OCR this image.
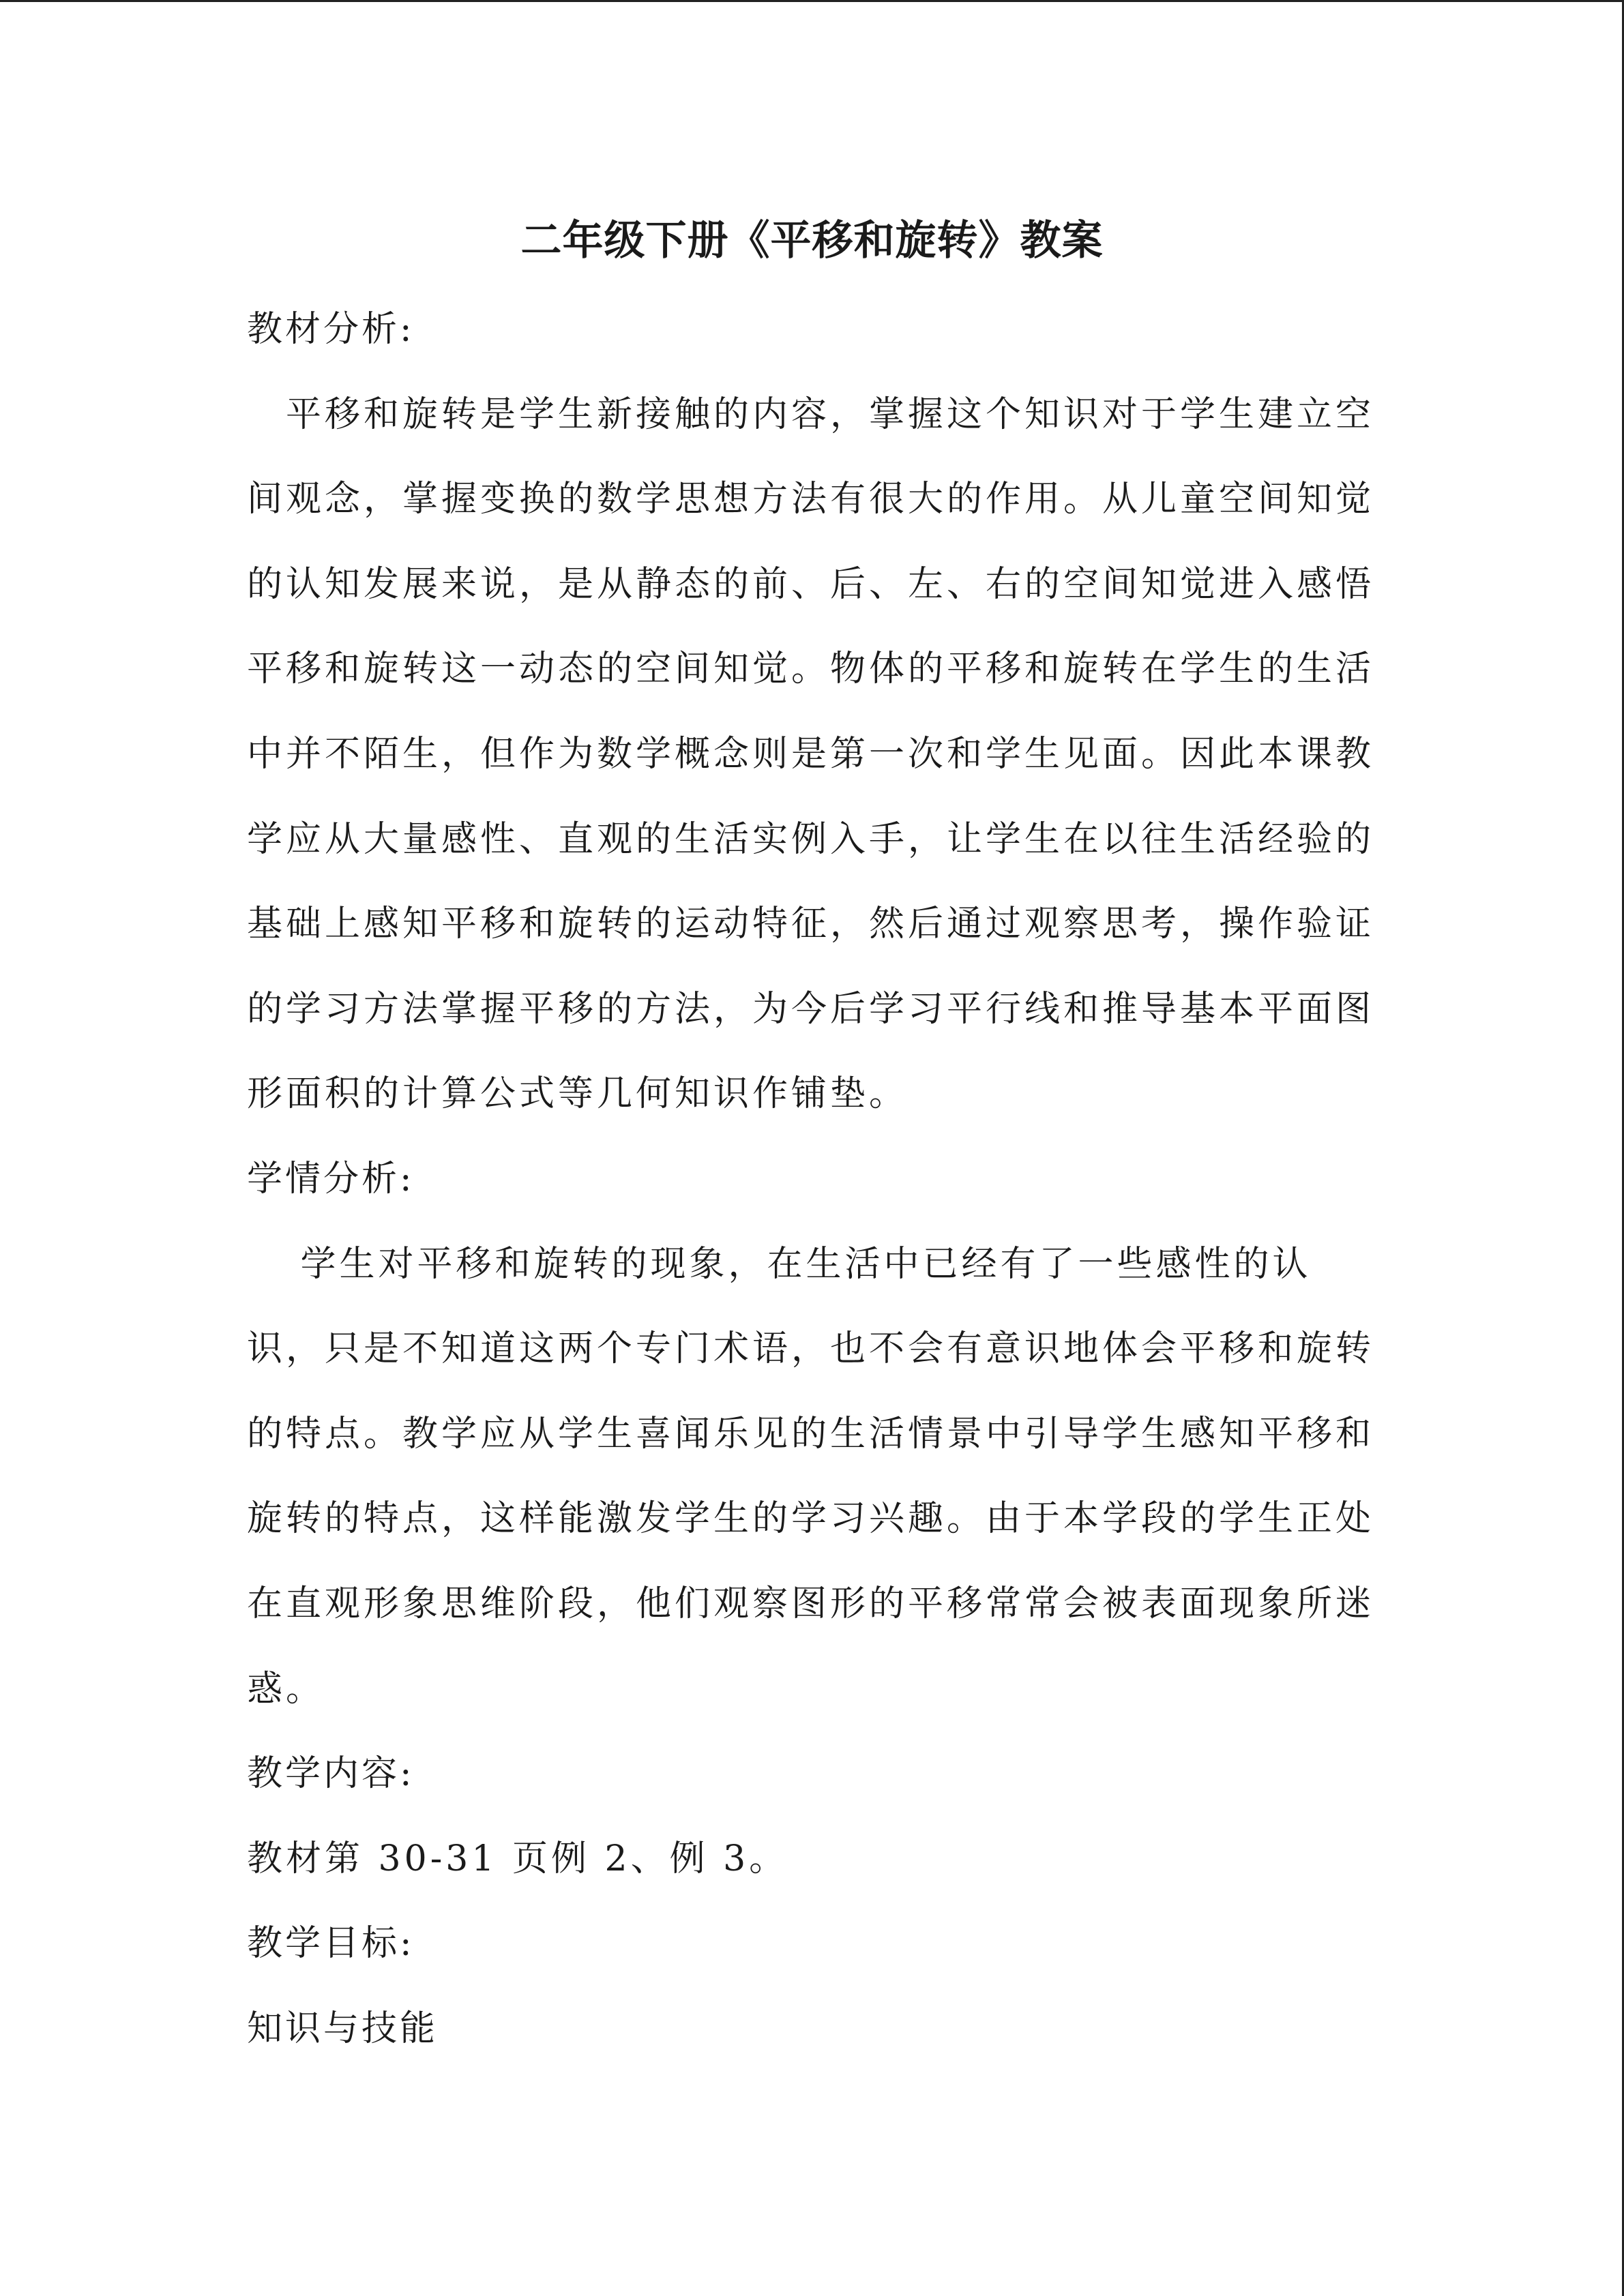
二年级下册《平移和旋转》教案

教材分析:

　平移和旋转是学生新接触的内容，掌握这个知识对于学生建立空

间观念，掌握变换的数学思想方法有很大的作用。从儿童空间知觉

的认知发展来说，是从静态的前、后、左、右的空间知觉进入感悟

平移和旋转这一动态的空间知觉。物体的平移和旋转在学生的生活

中并不陌生，但作为数学概念则是第一次和学生见面。因此本课教

学应从大量感性、直观的生活实例入手，让学生在以往生活经验的

基础上感知平移和旋转的运动特征，然后通过观察思考，操作验证

的学习方法掌握平移的方法，为今后学习平行线和推导基本平面图

形面积的计算公式等几何知识作铺垫。

学情分析:

　 学生对平移和旋转的现象，在生活中已经有了一些感性的认

识，只是不知道这两个专门术语，也不会有意识地体会平移和旋转

的特点。教学应从学生喜闻乐见的生活情景中引导学生感知平移和

旋转的特点，这样能激发学生的学习兴趣。由于本学段的学生正处

在直观形象思维阶段，他们观察图形的平移常常会被表面现象所迷

惑。

教学内容:

教材第 30-31 页例 2、例 3。

教学目标:

知识与技能
